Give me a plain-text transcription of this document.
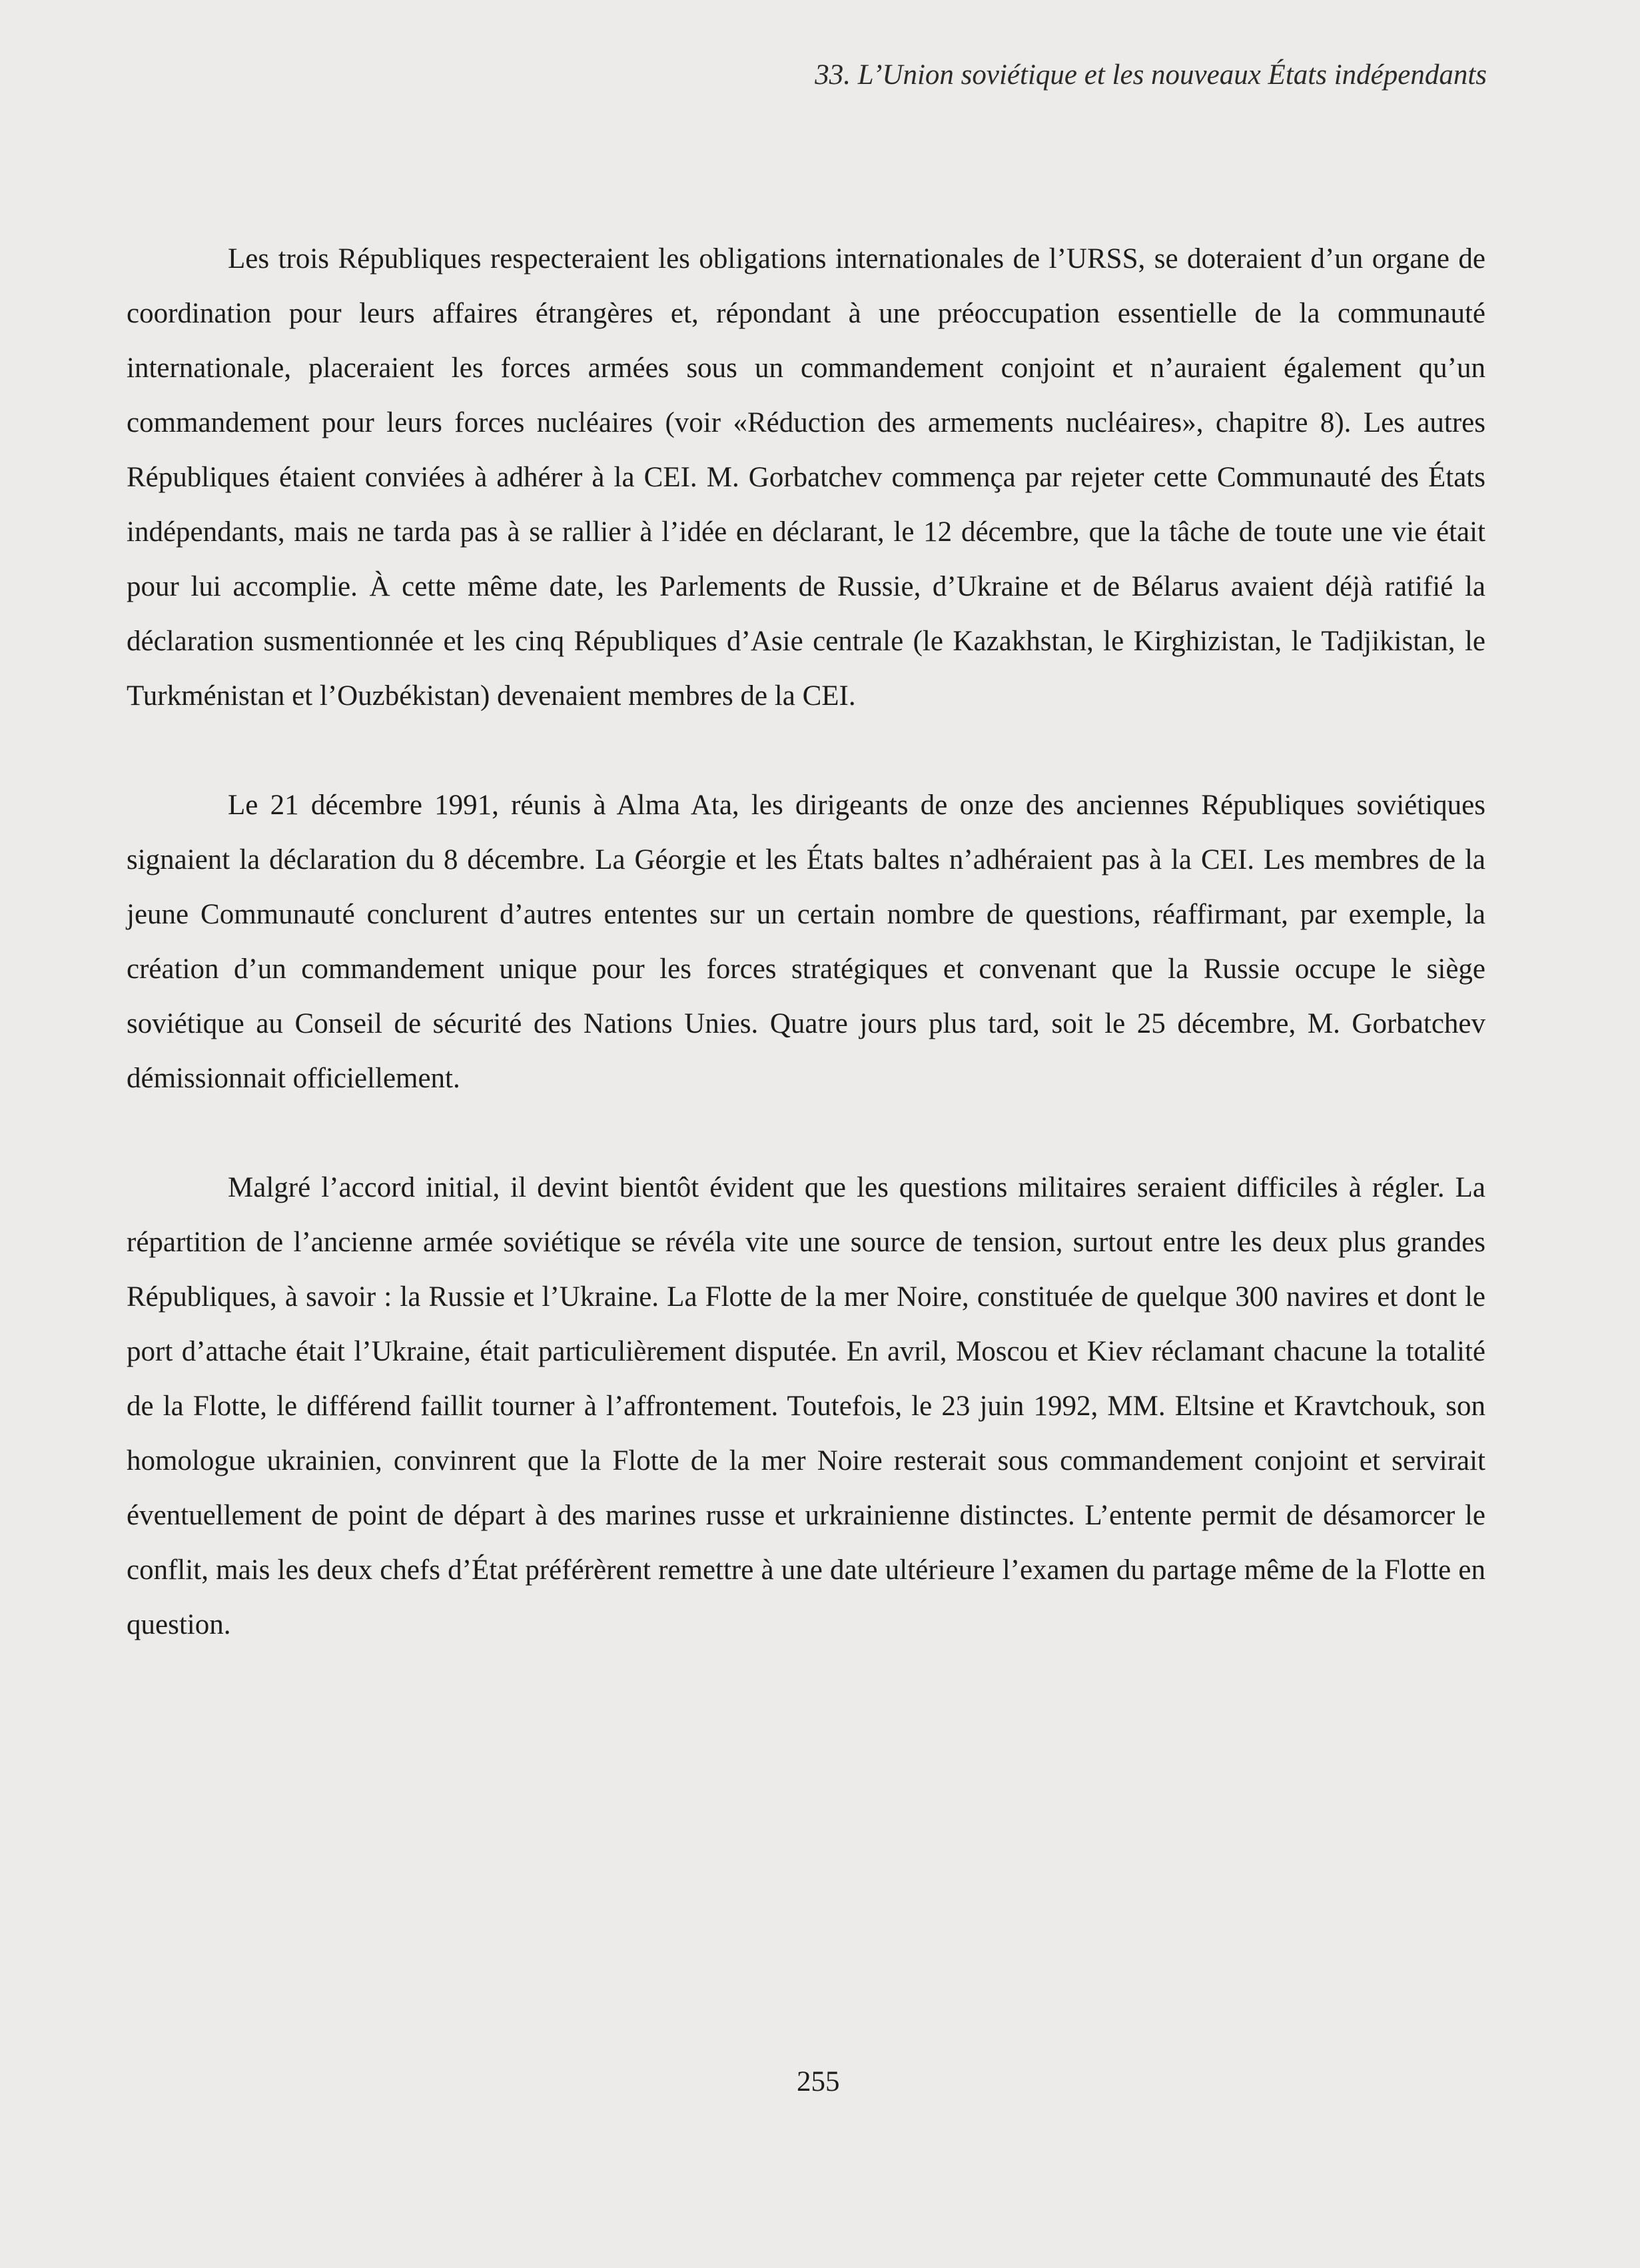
33. L’Union soviétique et les nouveaux États indépendants

Les trois Républiques respecteraient les obligations internationales de l’URSS, se doteraient d’un organe de coordination pour leurs affaires étrangères et, répondant à une préoccupation essentielle de la communauté internationale, placeraient les forces armées sous un commandement conjoint et n’auraient également qu’un commandement pour leurs forces nucléaires (voir «Réduction des armements nucléaires», chapitre 8). Les autres Républiques étaient conviées à adhérer à la CEI. M. Gorbatchev commença par rejeter cette Communauté des États indépendants, mais ne tarda pas à se rallier à l’idée en déclarant, le 12 décembre, que la tâche de toute une vie était pour lui accomplie. À cette même date, les Parlements de Russie, d’Ukraine et de Bélarus avaient déjà ratifié la déclaration susmentionnée et les cinq Républiques d’Asie centrale (le Kazakhstan, le Kirghizistan, le Tadjikistan, le Turkménistan et l’Ouzbékistan) devenaient membres de la CEI.

Le 21 décembre 1991, réunis à Alma Ata, les dirigeants de onze des anciennes Républiques soviétiques signaient la déclaration du 8 décembre. La Géorgie et les États baltes n’adhéraient pas à la CEI. Les membres de la jeune Communauté conclurent d’autres ententes sur un certain nombre de questions, réaffirmant, par exemple, la création d’un commandement unique pour les forces stratégiques et convenant que la Russie occupe le siège soviétique au Conseil de sécurité des Nations Unies. Quatre jours plus tard, soit le 25 décembre, M. Gorbatchev démissionnait officiellement.

Malgré l’accord initial, il devint bientôt évident que les questions militaires seraient difficiles à régler. La répartition de l’ancienne armée soviétique se révéla vite une source de tension, surtout entre les deux plus grandes Républiques, à savoir : la Russie et l’Ukraine. La Flotte de la mer Noire, constituée de quelque 300 navires et dont le port d’attache était l’Ukraine, était particulièrement disputée. En avril, Moscou et Kiev réclamant chacune la totalité de la Flotte, le différend faillit tourner à l’affrontement. Toutefois, le 23 juin 1992, MM. Eltsine et Kravtchouk, son homologue ukrainien, convinrent que la Flotte de la mer Noire resterait sous commandement conjoint et servirait éventuellement de point de départ à des marines russe et urkrainienne distinctes. L’entente permit de désamorcer le conflit, mais les deux chefs d’État préférèrent remettre à une date ultérieure l’examen du partage même de la Flotte en question.

255
